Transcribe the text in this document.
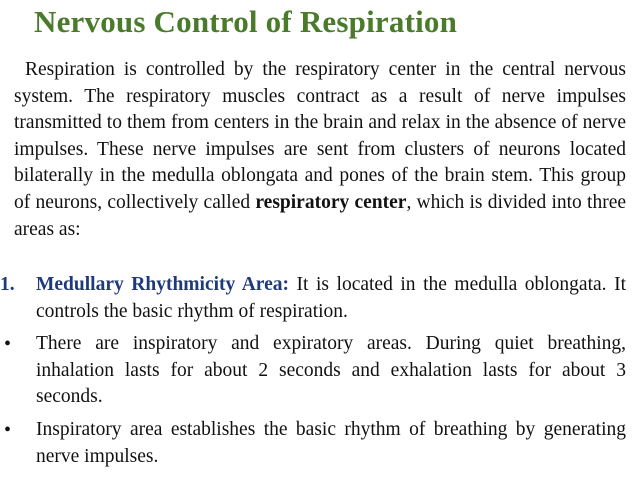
Nervous Control of Respiration
Respiration is controlled by the respiratory center in the central nervous system. The respiratory muscles contract as a result of nerve impulses transmitted to them from centers in the brain and relax in the absence of nerve impulses. These nerve impulses are sent from clusters of neurons located bilaterally in the medulla oblongata and pones of the brain stem. This group of neurons, collectively called respiratory center, which is divided into three areas as:
1. Medullary Rhythmicity Area: It is located in the medulla oblongata. It controls the basic rhythm of respiration.
• There are inspiratory and expiratory areas. During quiet breathing, inhalation lasts for about 2 seconds and exhalation lasts for about 3 seconds.
• Inspiratory area establishes the basic rhythm of breathing by generating nerve impulses.
